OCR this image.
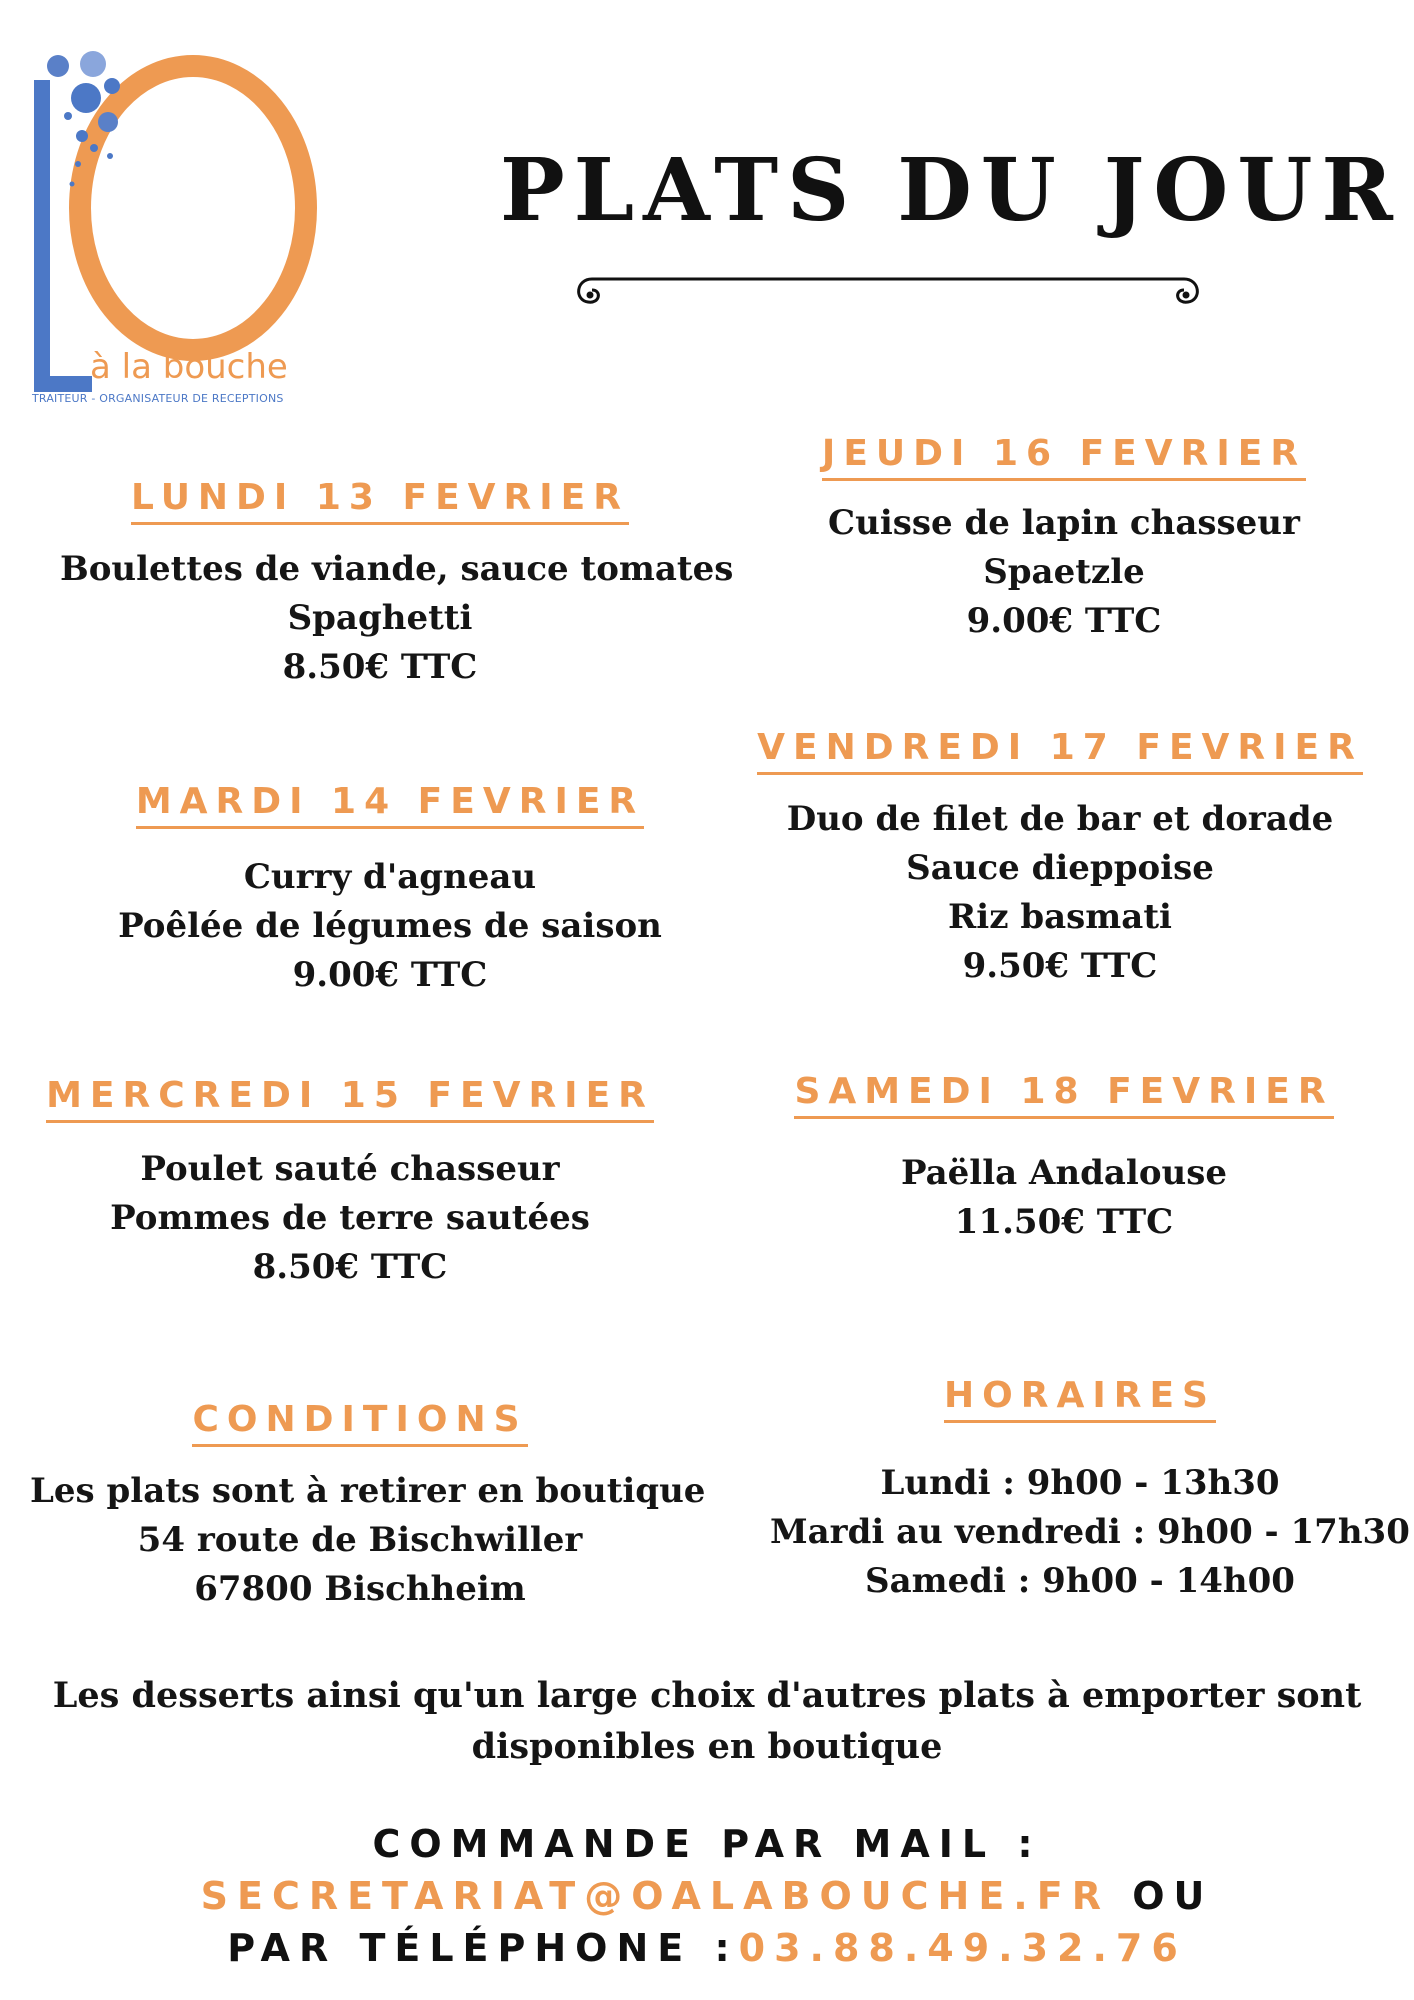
à la bouche
TRAITEUR - ORGANISATEUR DE RECEPTIONS
PLATS DU JOUR
LUNDI 13 FEVRIER
Boulettes de viande, sauce tomates
Spaghetti
8.50€ TTC
MARDI 14 FEVRIER
Curry d'agneau
Poêlée de légumes de saison
9.00€ TTC
MERCREDI 15 FEVRIER
Poulet sauté chasseur
Pommes de terre sautées
8.50€ TTC
JEUDI 16 FEVRIER
Cuisse de lapin chasseur
Spaetzle
9.00€ TTC
VENDREDI 17 FEVRIER
Duo de filet de bar et dorade
Sauce dieppoise
Riz basmati
9.50€ TTC
SAMEDI 18 FEVRIER
Paëlla Andalouse
11.50€ TTC
CONDITIONS
Les plats sont à retirer en boutique
54 route de Bischwiller
67800 Bischheim
HORAIRES
Lundi : 9h00 - 13h30
Mardi au vendredi : 9h00 - 17h30
Samedi : 9h00 - 14h00
Les desserts ainsi qu'un large choix d'autres plats à emporter sont
disponibles en boutique
COMMANDE PAR MAIL :
SECRETARIAT@OALABOUCHE.FR OU
PAR TÉLÉPHONE :03.88.49.32.76
